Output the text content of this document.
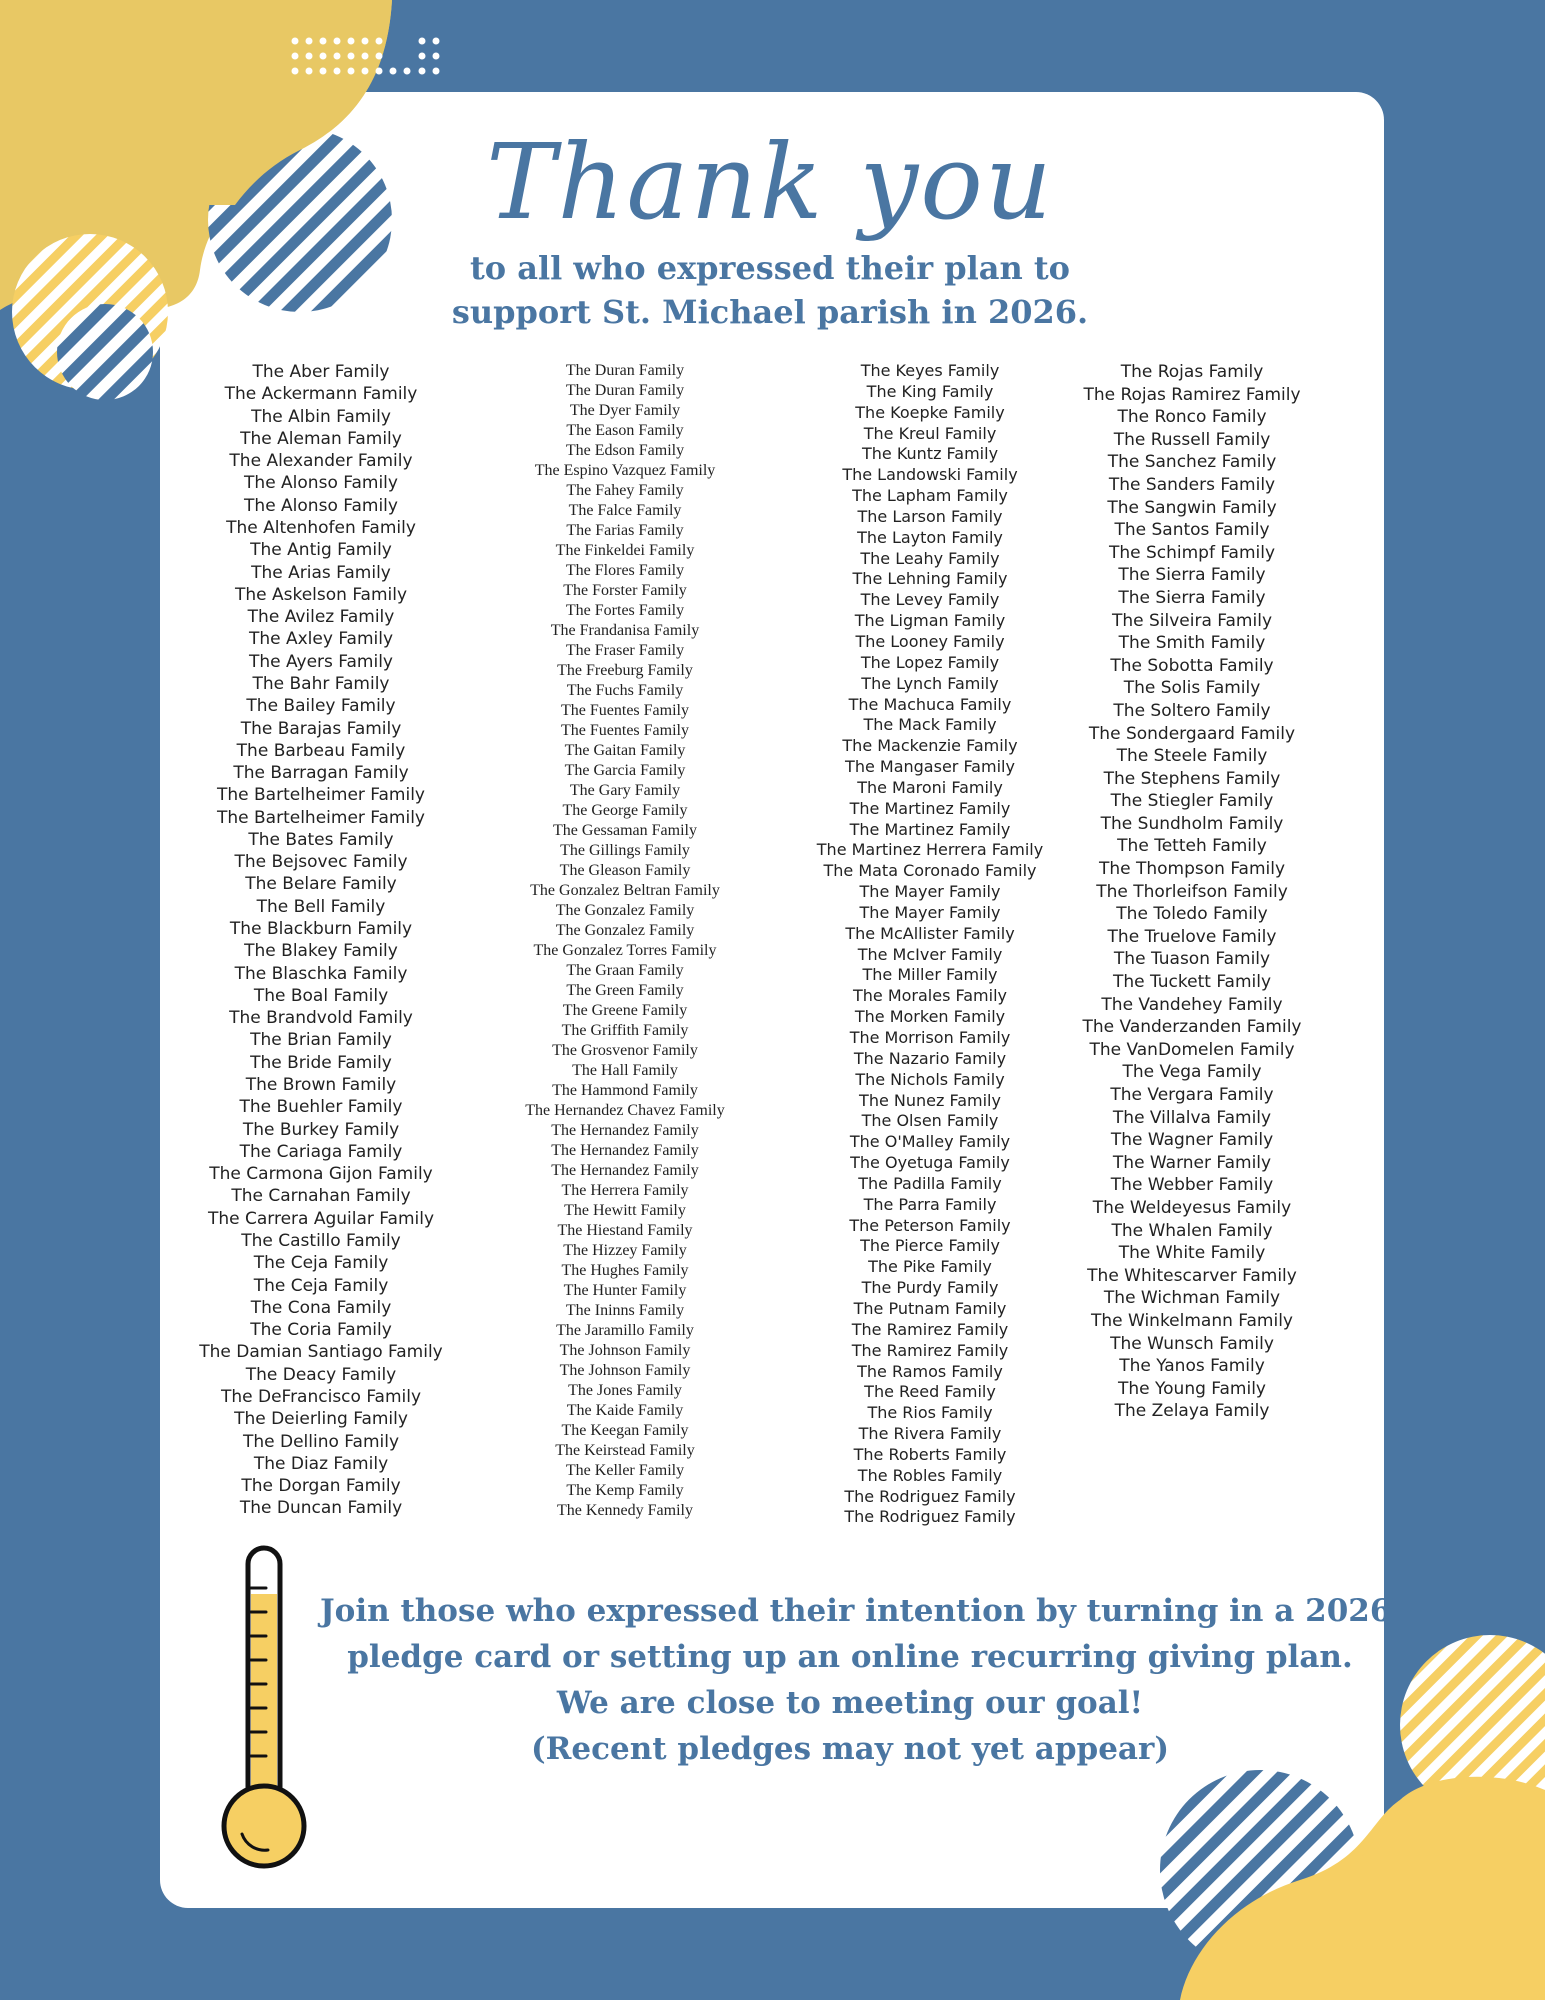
Thank you
to all who expressed their plan to
support St. Michael parish in 2026.
The Aber Family
The Ackermann Family
The Albin Family
The Aleman Family
The Alexander Family
The Alonso Family
The Alonso Family
The Altenhofen Family
The Antig Family
The Arias Family
The Askelson Family
The Avilez Family
The Axley Family
The Ayers Family
The Bahr Family
The Bailey Family
The Barajas Family
The Barbeau Family
The Barragan Family
The Bartelheimer Family
The Bartelheimer Family
The Bates Family
The Bejsovec Family
The Belare Family
The Bell Family
The Blackburn Family
The Blakey Family
The Blaschka Family
The Boal Family
The Brandvold Family
The Brian Family
The Bride Family
The Brown Family
The Buehler Family
The Burkey Family
The Cariaga Family
The Carmona Gijon Family
The Carnahan Family
The Carrera Aguilar Family
The Castillo Family
The Ceja Family
The Ceja Family
The Cona Family
The Coria Family
The Damian Santiago Family
The Deacy Family
The DeFrancisco Family
The Deierling Family
The Dellino Family
The Diaz Family
The Dorgan Family
The Duncan Family
The Duran Family
The Duran Family
The Dyer Family
The Eason Family
The Edson Family
The Espino Vazquez Family
The Fahey Family
The Falce Family
The Farias Family
The Finkeldei Family
The Flores Family
The Forster Family
The Fortes Family
The Frandanisa Family
The Fraser Family
The Freeburg Family
The Fuchs Family
The Fuentes Family
The Fuentes Family
The Gaitan Family
The Garcia Family
The Gary Family
The George Family
The Gessaman Family
The Gillings Family
The Gleason Family
The Gonzalez Beltran Family
The Gonzalez Family
The Gonzalez Family
The Gonzalez Torres Family
The Graan Family
The Green Family
The Greene Family
The Griffith Family
The Grosvenor Family
The Hall Family
The Hammond Family
The Hernandez Chavez Family
The Hernandez Family
The Hernandez Family
The Hernandez Family
The Herrera Family
The Hewitt Family
The Hiestand Family
The Hizzey Family
The Hughes Family
The Hunter Family
The Ininns Family
The Jaramillo Family
The Johnson Family
The Johnson Family
The Jones Family
The Kaide Family
The Keegan Family
The Keirstead Family
The Keller Family
The Kemp Family
The Kennedy Family
The Keyes Family
The King Family
The Koepke Family
The Kreul Family
The Kuntz Family
The Landowski Family
The Lapham Family
The Larson Family
The Layton Family
The Leahy Family
The Lehning Family
The Levey Family
The Ligman Family
The Looney Family
The Lopez Family
The Lynch Family
The Machuca Family
The Mack Family
The Mackenzie Family
The Mangaser Family
The Maroni Family
The Martinez Family
The Martinez Family
The Martinez Herrera Family
The Mata Coronado Family
The Mayer Family
The Mayer Family
The McAllister Family
The McIver Family
The Miller Family
The Morales Family
The Morken Family
The Morrison Family
The Nazario Family
The Nichols Family
The Nunez Family
The Olsen Family
The O'Malley Family
The Oyetuga Family
The Padilla Family
The Parra Family
The Peterson Family
The Pierce Family
The Pike Family
The Purdy Family
The Putnam Family
The Ramirez Family
The Ramirez Family
The Ramos Family
The Reed Family
The Rios Family
The Rivera Family
The Roberts Family
The Robles Family
The Rodriguez Family
The Rodriguez Family
The Rojas Family
The Rojas Ramirez Family
The Ronco Family
The Russell Family
The Sanchez Family
The Sanders Family
The Sangwin Family
The Santos Family
The Schimpf Family
The Sierra Family
The Sierra Family
The Silveira Family
The Smith Family
The Sobotta Family
The Solis Family
The Soltero Family
The Sondergaard Family
The Steele Family
The Stephens Family
The Stiegler Family
The Sundholm Family
The Tetteh Family
The Thompson Family
The Thorleifson Family
The Toledo Family
The Truelove Family
The Tuason Family
The Tuckett Family
The Vandehey Family
The Vanderzanden Family
The VanDomelen Family
The Vega Family
The Vergara Family
The Villalva Family
The Wagner Family
The Warner Family
The Webber Family
The Weldeyesus Family
The Whalen Family
The White Family
The Whitescarver Family
The Wichman Family
The Winkelmann Family
The Wunsch Family
The Yanos Family
The Young Family
The Zelaya Family
Join those who expressed their intention by turning in a 2026
pledge card or setting up an online recurring giving plan.
We are close to meeting our goal!
(Recent pledges may not yet appear)
